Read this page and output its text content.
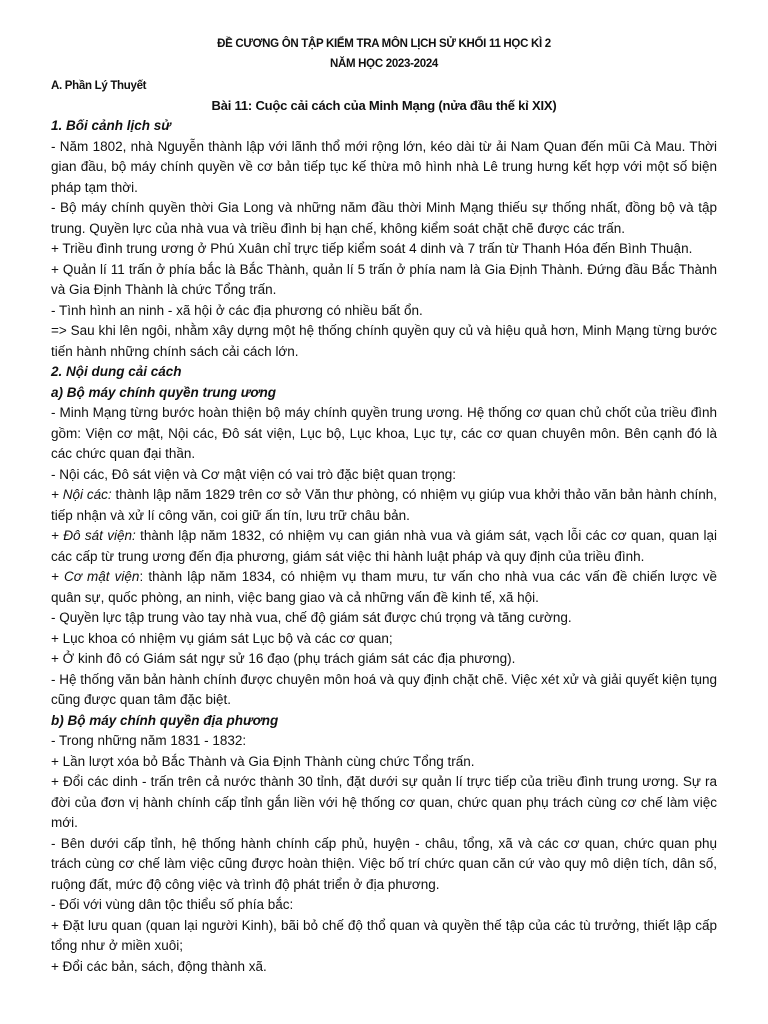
ĐỀ CƯƠNG ÔN TẬP KIỂM TRA MÔN LỊCH SỬ KHỐI 11 HỌC KÌ 2
NĂM HỌC 2023-2024
A. Phần Lý Thuyết
Bài 11: Cuộc cải cách của Minh Mạng (nửa đầu thế kỉ XIX)
1. Bối cảnh lịch sử
- Năm 1802, nhà Nguyễn thành lập với lãnh thổ mới rộng lớn, kéo dài từ ải Nam Quan đến mũi Cà Mau. Thời gian đầu, bộ máy chính quyền về cơ bản tiếp tục kế thừa mô hình nhà Lê trung hưng kết hợp với một số biện pháp tạm thời.
- Bộ máy chính quyền thời Gia Long và những năm đầu thời Minh Mạng thiếu sự thống nhất, đồng bộ và tập trung. Quyền lực của nhà vua và triều đình bị hạn chế, không kiểm soát chặt chẽ được các trấn.
+ Triều đình trung ương ở Phú Xuân chỉ trực tiếp kiểm soát 4 dinh và 7 trấn từ Thanh Hóa đến Bình Thuận.
+ Quản lí 11 trấn ở phía bắc là Bắc Thành, quản lí 5 trấn ở phía nam là Gia Định Thành. Đứng đầu Bắc Thành và Gia Định Thành là chức Tổng trấn.
- Tình hình an ninh - xã hội ở các địa phương có nhiều bất ổn.
=> Sau khi lên ngôi, nhằm xây dựng một hệ thống chính quyền quy củ và hiệu quả hơn, Minh Mạng từng bước tiến hành những chính sách cải cách lớn.
2. Nội dung cải cách
a) Bộ máy chính quyền trung ương
- Minh Mạng từng bước hoàn thiện bộ máy chính quyền trung ương. Hệ thống cơ quan chủ chốt của triều đình gồm: Viện cơ mật, Nội các, Đô sát viện, Lục bộ, Lục khoa, Lục tự, các cơ quan chuyên môn. Bên cạnh đó là các chức quan đại thần.
- Nội các, Đô sát viện và Cơ mật viện có vai trò đặc biệt quan trọng:
+ Nội các: thành lập năm 1829 trên cơ sở Văn thư phòng, có nhiệm vụ giúp vua khởi thảo văn bản hành chính, tiếp nhận và xử lí công văn, coi giữ ấn tín, lưu trữ châu bản.
+ Đô sát viện: thành lập năm 1832, có nhiệm vụ can gián nhà vua và giám sát, vạch lỗi các cơ quan, quan lại các cấp từ trung ương đến địa phương, giám sát việc thi hành luật pháp và quy định của triều đình.
+ Cơ mật viện: thành lập năm 1834, có nhiệm vụ tham mưu, tư vấn cho nhà vua các vấn đề chiến lược về quân sự, quốc phòng, an ninh, việc bang giao và cả những vấn đề kinh tế, xã hội.
- Quyền lực tập trung vào tay nhà vua, chế độ giám sát được chú trọng và tăng cường.
+ Lục khoa có nhiệm vụ giám sát Lục bộ và các cơ quan;
+ Ở kinh đô có Giám sát ngự sử 16 đạo (phụ trách giám sát các địa phương).
- Hệ thống văn bản hành chính được chuyên môn hoá và quy định chặt chẽ. Việc xét xử và giải quyết kiện tụng cũng được quan tâm đặc biệt.
b) Bộ máy chính quyền địa phương
- Trong những năm 1831 - 1832:
+ Lần lượt xóa bỏ Bắc Thành và Gia Định Thành cùng chức Tổng trấn.
+ Đổi các dinh - trấn trên cả nước thành 30 tỉnh, đặt dưới sự quản lí trực tiếp của triều đình trung ương. Sự ra đời của đơn vị hành chính cấp tỉnh gắn liền với hệ thống cơ quan, chức quan phụ trách cùng cơ chế làm việc mới.
- Bên dưới cấp tỉnh, hệ thống hành chính cấp phủ, huyện - châu, tổng, xã và các cơ quan, chức quan phụ trách cùng cơ chế làm việc cũng được hoàn thiện. Việc bố trí chức quan căn cứ vào quy mô diện tích, dân số, ruộng đất, mức độ công việc và trình độ phát triển ở địa phương.
- Đối với vùng dân tộc thiểu số phía bắc:
+ Đặt lưu quan (quan lại người Kinh), bãi bỏ chế độ thổ quan và quyền thế tập của các tù trưởng, thiết lập cấp tổng như ở miền xuôi;
+ Đổi các bản, sách, động thành xã.
